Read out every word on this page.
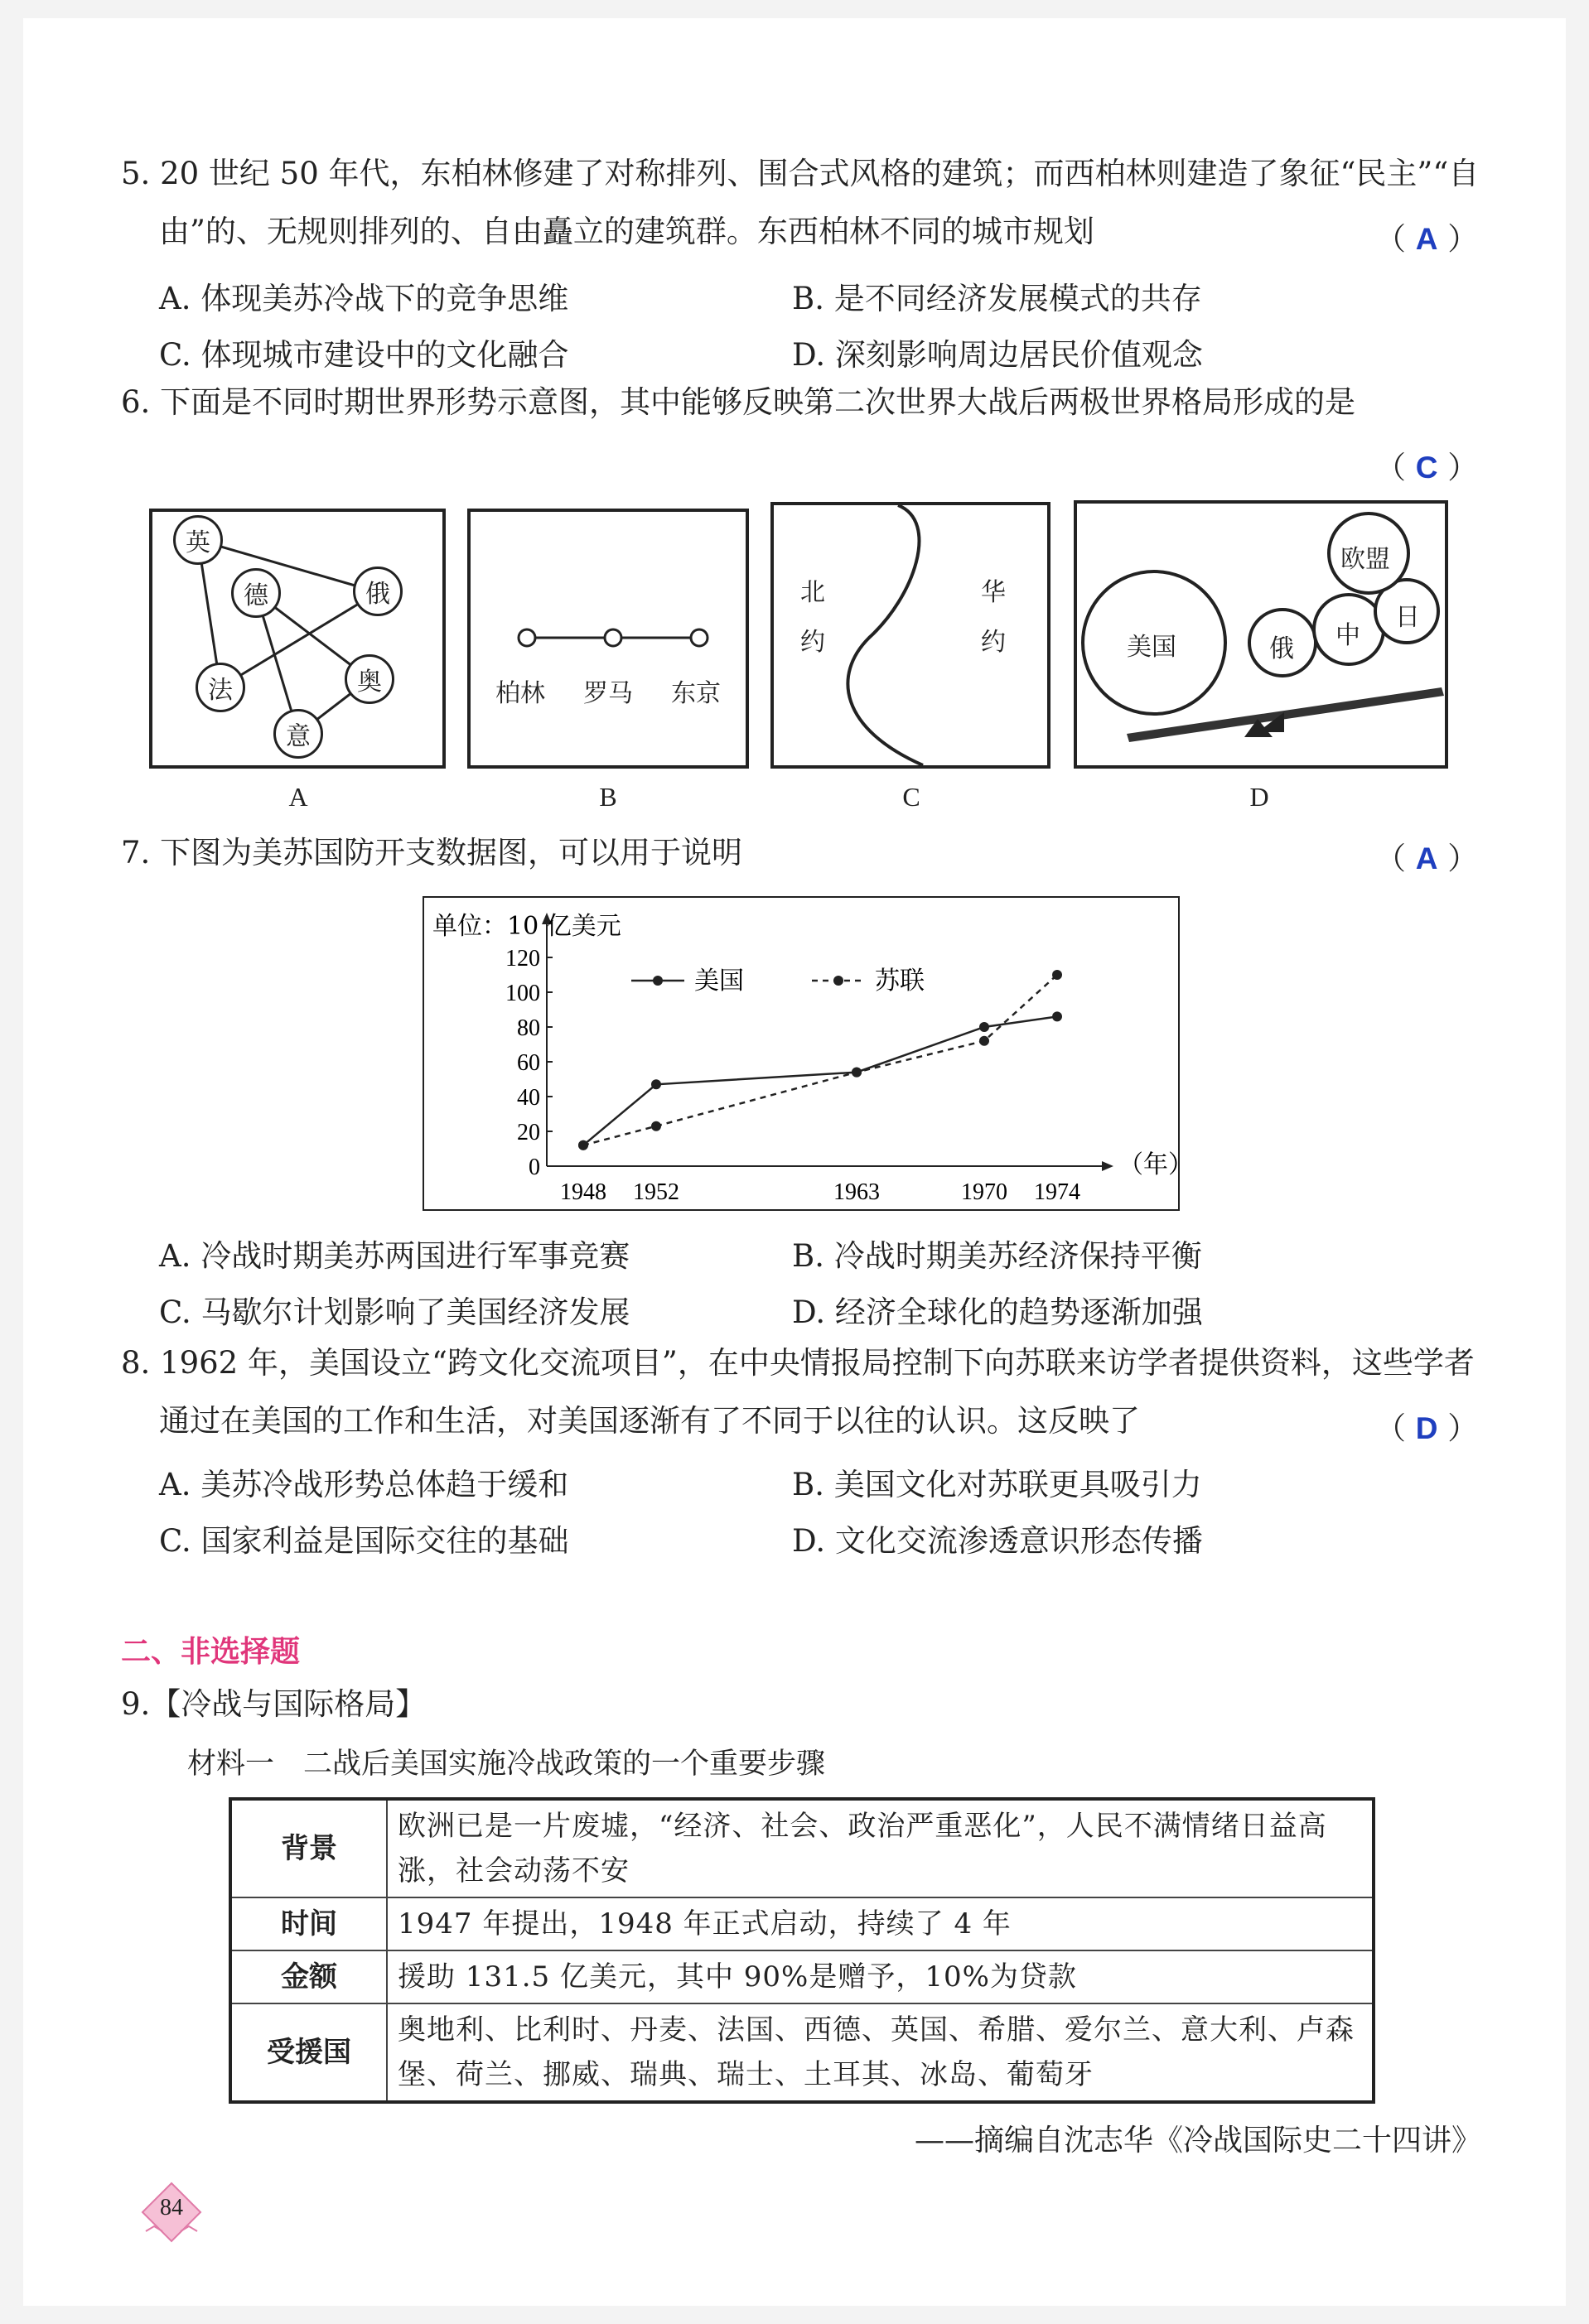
5. 20 世纪 50 年代，东柏林修建了对称排列、围合式风格的建筑；而西柏林则建造了象征“民主”“自
由”的、无规则排列的、自由矗立的建筑群。东西柏林不同的城市规划	（ A ）
A. 体现美苏冷战下的竞争思维	B. 是不同经济发展模式的共存
C. 体现城市建设中的文化融合	D. 深刻影响周边居民价值观念
6. 下面是不同时期世界形势示意图，其中能够反映第二次世界大战后两极世界格局形成的是
（ C ）
英
俄
德
法	奥
意
A
柏林 罗马 东京
B
北
约
华
约
C
美国
欧盟
俄 中
日
D
7. 下图为美苏国防开支数据图，可以用于说明	（ A ）
单位：10 亿美元
0
20
40
60
80
100
120
1948 1952	1963	1970 1974
（年）
美国	苏联
A. 冷战时期美苏两国进行军事竞赛	B. 冷战时期美苏经济保持平衡
C. 马歇尔计划影响了美国经济发展	D. 经济全球化的趋势逐渐加强
8. 1962 年，美国设立“跨文化交流项目”，在中央情报局控制下向苏联来访学者提供资料，这些学者
通过在美国的工作和生活，对美国逐渐有了不同于以往的认识。这反映了	（ D ）
A. 美苏冷战形势总体趋于缓和	B. 美国文化对苏联更具吸引力
C. 国家利益是国际交往的基础	D. 文化交流渗透意识形态传播
二、非选择题
9.【冷战与国际格局】
材料一　二战后美国实施冷战政策的一个重要步骤
背景	欧洲已是一片废墟，“经济、社会、政治严重恶化”，人民不满情绪日益高涨，社会动荡不安
时间	1947 年提出，1948 年正式启动，持续了 4 年
金额	援助 131.5 亿美元，其中 90%是赠予，10%为贷款
受援国	奥地利、比利时、丹麦、法国、西德、英国、希腊、爱尔兰、意大利、卢森堡、荷兰、挪威、瑞典、瑞士、土耳其、冰岛、葡萄牙
——摘编自沈志华《冷战国际史二十四讲》
84
